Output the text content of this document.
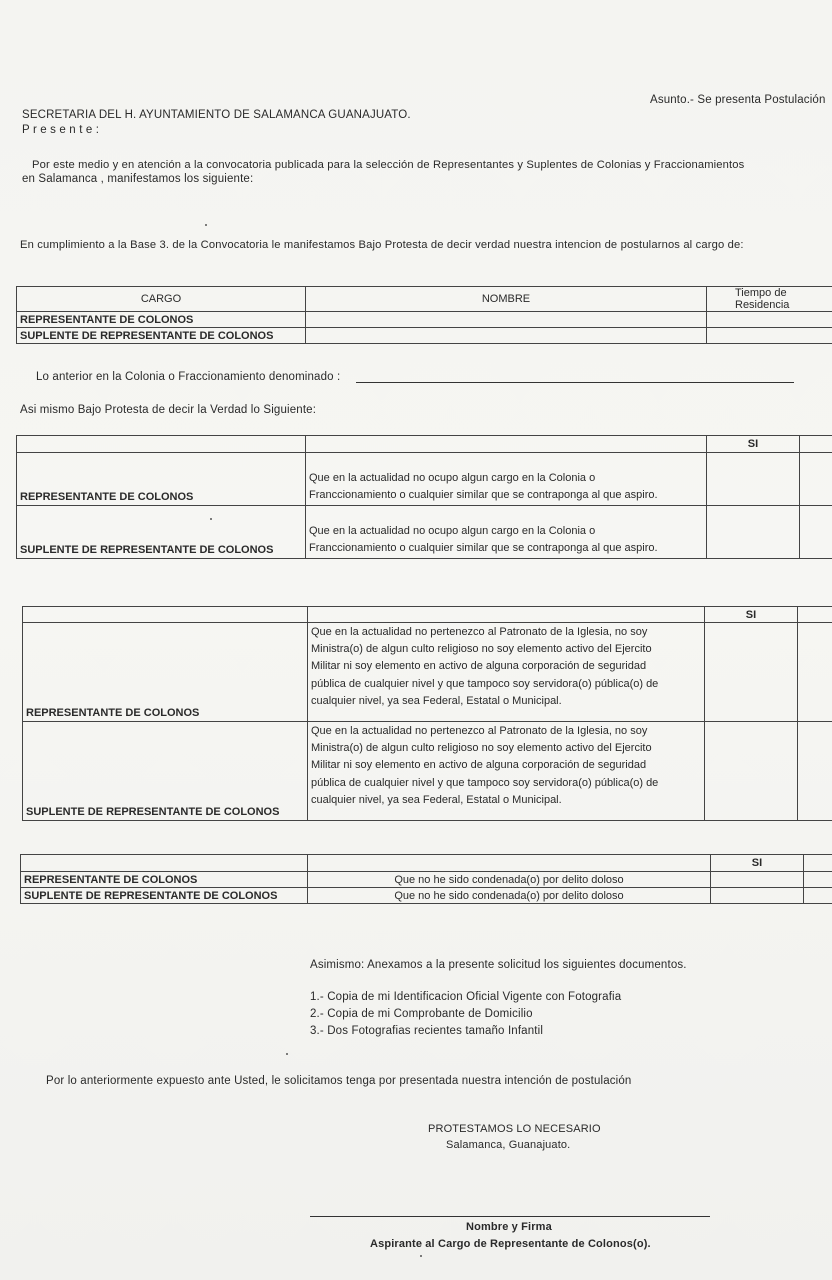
Asunto.- Se presenta Postulación
SECRETARIA DEL H. AYUNTAMIENTO DE SALAMANCA GUANAJUATO.
P r e s e n t e :
Por este medio y en atención a la convocatoria publicada para la selección de Representantes y Suplentes de Colonias y Fraccionamientos
en Salamanca , manifestamos los siguiente:
En cumplimiento a la Base 3. de la Convocatoria le manifestamos Bajo Protesta de decir verdad nuestra intencion de postularnos al cargo de:
CARGO	NOMBRE	Tiempo de Residencia
REPRESENTANTE DE COLONOS		
SUPLENTE DE REPRESENTANTE DE COLONOS		
Lo anterior en la Colonia o Fraccionamiento denominado :
Asi mismo Bajo Protesta de decir la Verdad lo Siguiente:
		SI	
REPRESENTANTE DE COLONOS	Que en la actualidad no ocupo algun cargo en la Colonia o
Franccionamiento o cualquier similar que se contraponga al que aspiro.		

SUPLENTE DE REPRESENTANTE DE COLONOS	Que en la actualidad no ocupo algun cargo en la Colonia o
Franccionamiento o cualquier similar que se contraponga al que aspiro.		

		SI	
REPRESENTANTE DE COLONOS	Que en la actualidad no pertenezco al Patronato de la Iglesia, no soy
Ministra(o) de algun culto religioso no soy elemento activo del Ejercito
Militar ni soy elemento en activo de alguna corporación de seguridad
pública de cualquier nivel y que tampoco soy servidora(o) pública(o) de
cualquier nivel, ya sea Federal, Estatal o Municipal.		

SUPLENTE DE REPRESENTANTE DE COLONOS	Que en la actualidad no pertenezco al Patronato de la Iglesia, no soy
Ministra(o) de algun culto religioso no soy elemento activo del Ejercito
Militar ni soy elemento en activo de alguna corporación de seguridad
pública de cualquier nivel y que tampoco soy servidora(o) pública(o) de
cualquier nivel, ya sea Federal, Estatal o Municipal.		

		SI	
REPRESENTANTE DE COLONOS	Que no he sido condenada(o) por delito doloso		
SUPLENTE DE REPRESENTANTE DE COLONOS	Que no he sido condenada(o) por delito doloso		
Asimismo: Anexamos a la presente solicitud los siguientes documentos.
1.- Copia de mi Identificacion Oficial Vigente con Fotografia
2.- Copia de mi Comprobante de Domicilio
3.- Dos Fotografias recientes tamaño Infantil
Por lo anteriormente expuesto ante Usted, le solicitamos tenga por presentada nuestra intención de postulación
PROTESTAMOS LO NECESARIO
Salamanca, Guanajuato.
Nombre y Firma
Aspirante al Cargo de Representante de Colonos(o).
